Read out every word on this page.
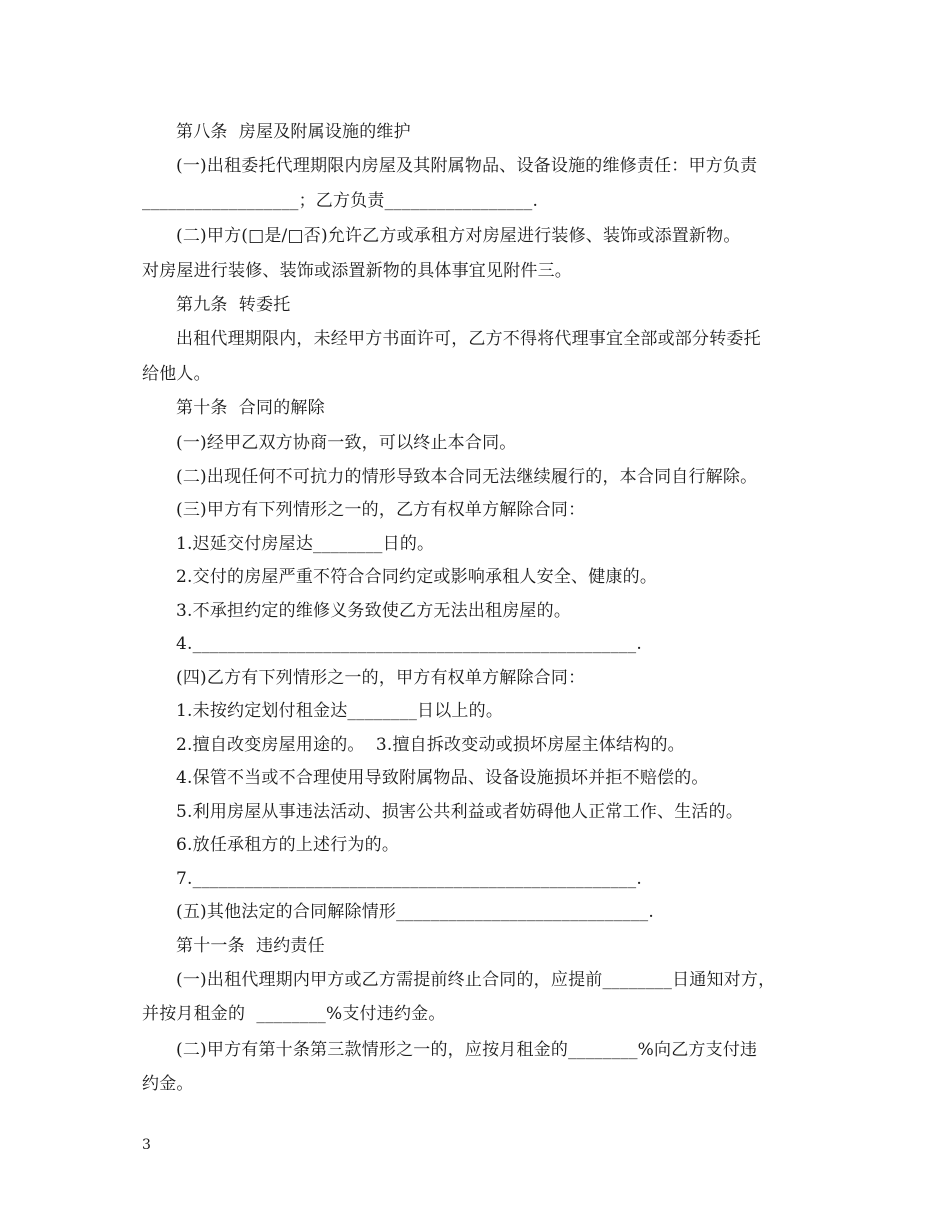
第八条  房屋及附属设施的维护
(一)出租委托代理期限内房屋及其附属物品、设备设施的维修责任：甲方负责
__________________；乙方负责_________________.
(二)甲方(□是/□否)允许乙方或承租方对房屋进行装修、装饰或添置新物。
对房屋进行装修、装饰或添置新物的具体事宜见附件三。
第九条  转委托
出租代理期限内，未经甲方书面许可，乙方不得将代理事宜全部或部分转委托
给他人。
第十条  合同的解除
(一)经甲乙双方协商一致，可以终止本合同。
(二)出现任何不可抗力的情形导致本合同无法继续履行的，本合同自行解除。
(三)甲方有下列情形之一的，乙方有权单方解除合同：
1.迟延交付房屋达________日的。
2.交付的房屋严重不符合合同约定或影响承租人安全、健康的。
3.不承担约定的维修义务致使乙方无法出租房屋的。
4.___________________________________________________.
(四)乙方有下列情形之一的，甲方有权单方解除合同：
1.未按约定划付租金达________日以上的。
2.擅自改变房屋用途的。  3.擅自拆改变动或损坏房屋主体结构的。
4.保管不当或不合理使用导致附属物品、设备设施损坏并拒不赔偿的。
5.利用房屋从事违法活动、损害公共利益或者妨碍他人正常工作、生活的。
6.放任承租方的上述行为的。
7.___________________________________________________.
(五)其他法定的合同解除情形_____________________________.
第十一条  违约责任
(一)出租代理期内甲方或乙方需提前终止合同的，应提前________日通知对方，
并按月租金的  ________%支付违约金。
(二)甲方有第十条第三款情形之一的，应按月租金的________%向乙方支付违
约金。
3
